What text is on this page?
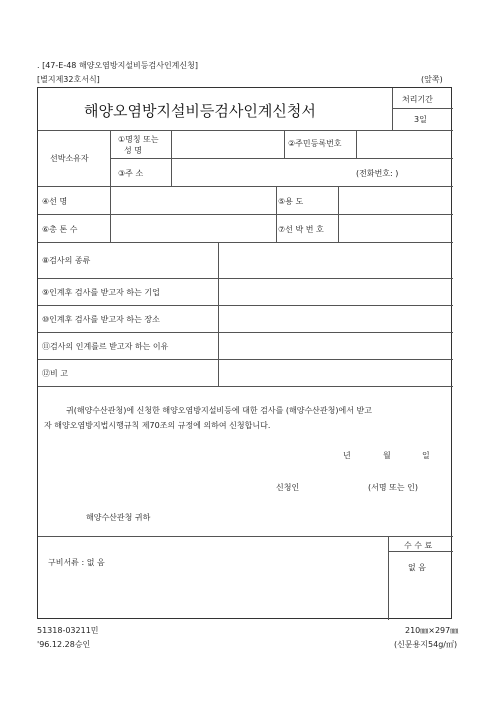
. [47-E-48 해양오염방지설비등검사인계신청]
[별지제32호서식]	(앞쪽)
해양오염방지설비등검사인계신청서
처리기간
3일
선박소유자
①명칭 또는
성 명
②주민등록번호
③주 소	(전화번호: )
④선 명	⑤용 도
⑥총 톤 수	⑦선 박 번 호
⑧검사의 종류
⑨인계후 검사를 받고자 하는 기업
⑩인계후 검사를 받고자 하는 장소
⑪검사의 인계를르 받고자 하는 이유
⑫비 고
귀(해양수산관청)에 신청한 해양오염방지설비등에 대한 검사를 (해양수산관청)에서 받고
자 해양오염방지법시행규칙 제70조의 규정에 의하여 신청합니다.
년	월	일
신청인	(서명 또는 인)
해양수산관청 귀하
수 수 료
없 음
구비서류 : 없 음
51318-03211민
'96.12.28승인
210㎜×297㎜
(신문용지54g/㎡)
